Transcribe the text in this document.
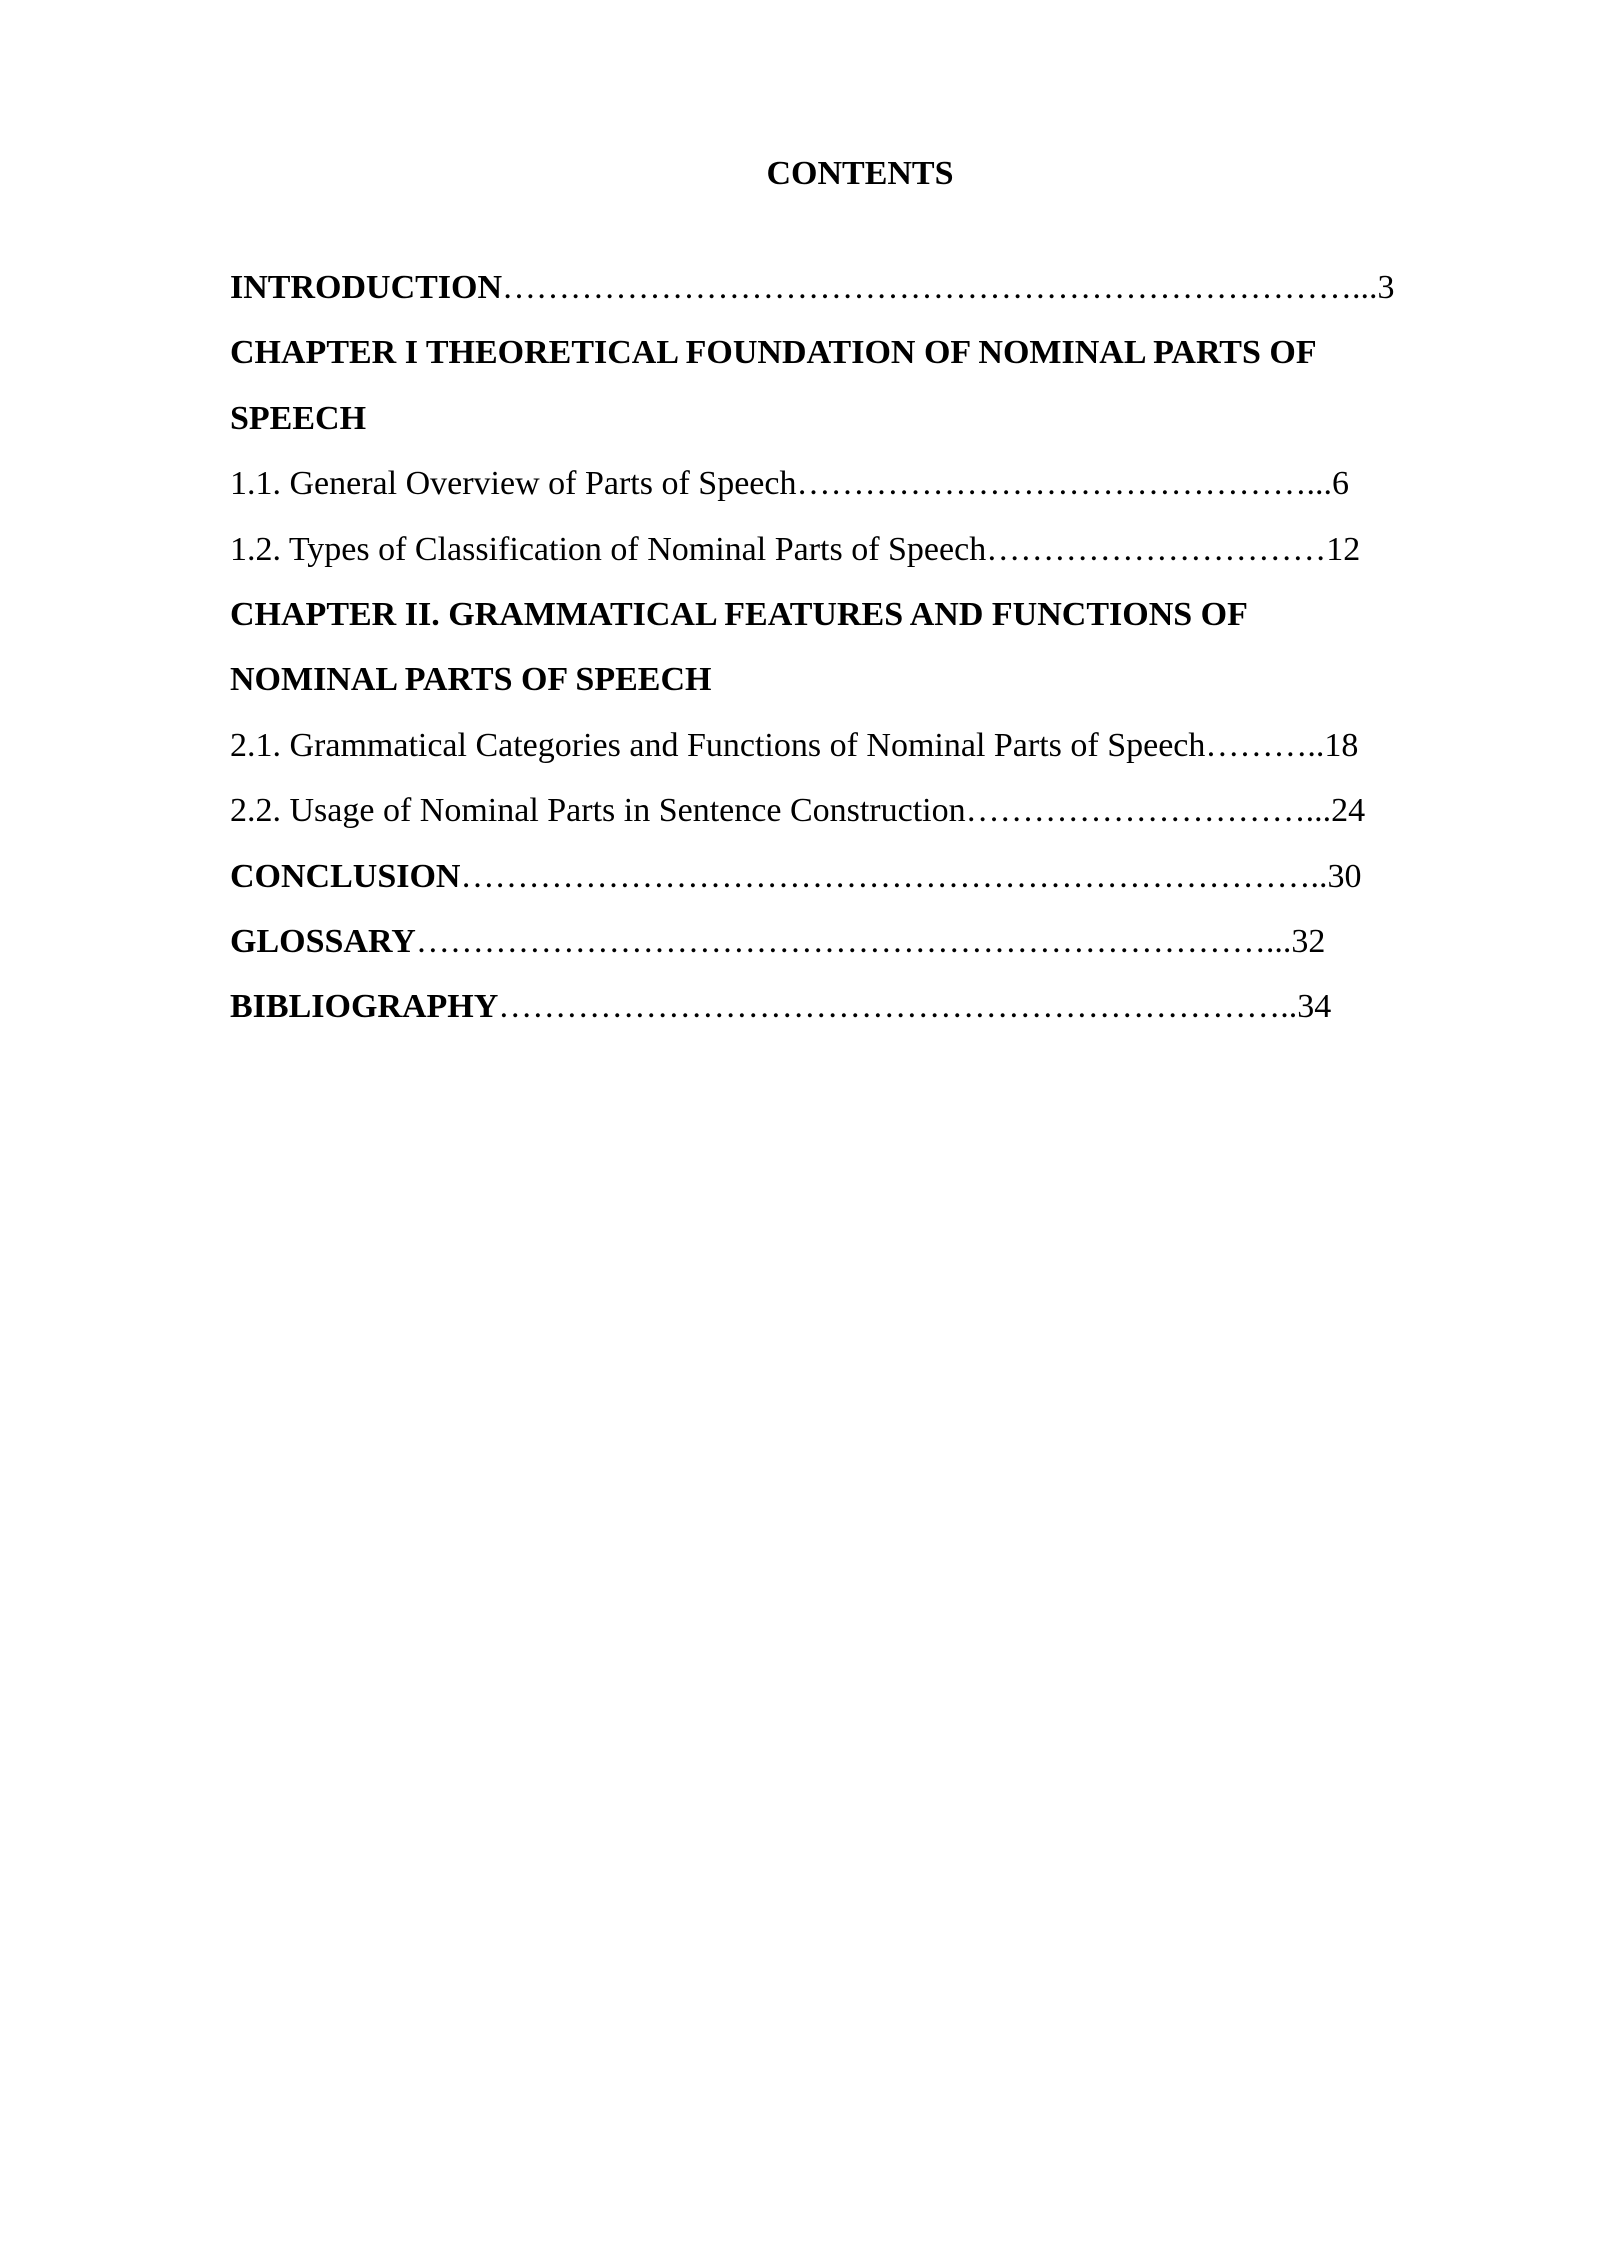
CONTENTS
INTRODUCTION…………………………………………………………………...3
CHAPTER I THEORETICAL FOUNDATION OF NOMINAL PARTS OF
SPEECH
1.1. General Overview of Parts of Speech………………………………………...6
1.2. Types of Classification of Nominal Parts of Speech…………………………12
CHAPTER II. GRAMMATICAL FEATURES AND FUNCTIONS OF
NOMINAL PARTS OF SPEECH
2.1. Grammatical Categories and Functions of Nominal Parts of Speech………..18
2.2. Usage of Nominal Parts in Sentence Construction…………………………...24
CONCLUSION…………………………………………………………………..30
GLOSSARY…………………………………………………………………...32
BIBLIOGRAPHY……………………………………………………………..34
